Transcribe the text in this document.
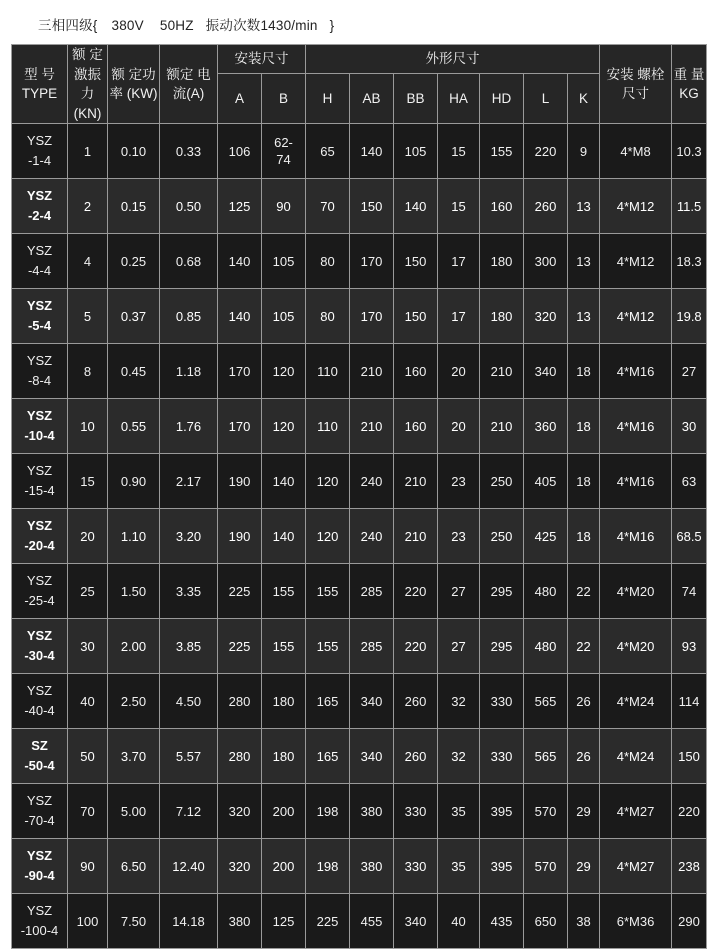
三相四级{ 380V 50HZ 振动次数1430/min }
型 号 TYPE	额 定激振 力(KN)	额 定功率 (KW)	额定 电流(A)	安装尺寸		外形尺寸							安装 螺栓尺寸	重 量KG
				A	B	H	AB	BB	HA	HD	L	K		

YSZ
-1-4	1	0.10	0.33	106	62-
74	65	140	105	15	155	220	9	4*M8	10.3

YSZ
-2-4	2	0.15	0.50	125	90	70	150	140	15	160	260	13	4*M12	11.5

YSZ
-4-4	4	0.25	0.68	140	105	80	170	150	17	180	300	13	4*M12	18.3

YSZ
-5-4	5	0.37	0.85	140	105	80	170	150	17	180	320	13	4*M12	19.8

YSZ
-8-4	8	0.45	1.18	170	120	110	210	160	20	210	340	18	4*M16	27

YSZ
-10-4	10	0.55	1.76	170	120	110	210	160	20	210	360	18	4*M16	30

YSZ
-15-4	15	0.90	2.17	190	140	120	240	210	23	250	405	18	4*M16	63

YSZ
-20-4	20	1.10	3.20	190	140	120	240	210	23	250	425	18	4*M16	68.5

YSZ
-25-4	25	1.50	3.35	225	155	155	285	220	27	295	480	22	4*M20	74

YSZ
-30-4	30	2.00	3.85	225	155	155	285	220	27	295	480	22	4*M20	93

YSZ
-40-4	40	2.50	4.50	280	180	165	340	260	32	330	565	26	4*M24	114

SZ
-50-4	50	3.70	5.57	280	180	165	340	260	32	330	565	26	4*M24	150

YSZ
-70-4	70	5.00	7.12	320	200	198	380	330	35	395	570	29	4*M27	220

YSZ
-90-4	90	6.50	12.40	320	200	198	380	330	35	395	570	29	4*M27	238

YSZ
-100-4	100	7.50	14.18	380	125	225	455	340	40	435	650	38	6*M36	290
